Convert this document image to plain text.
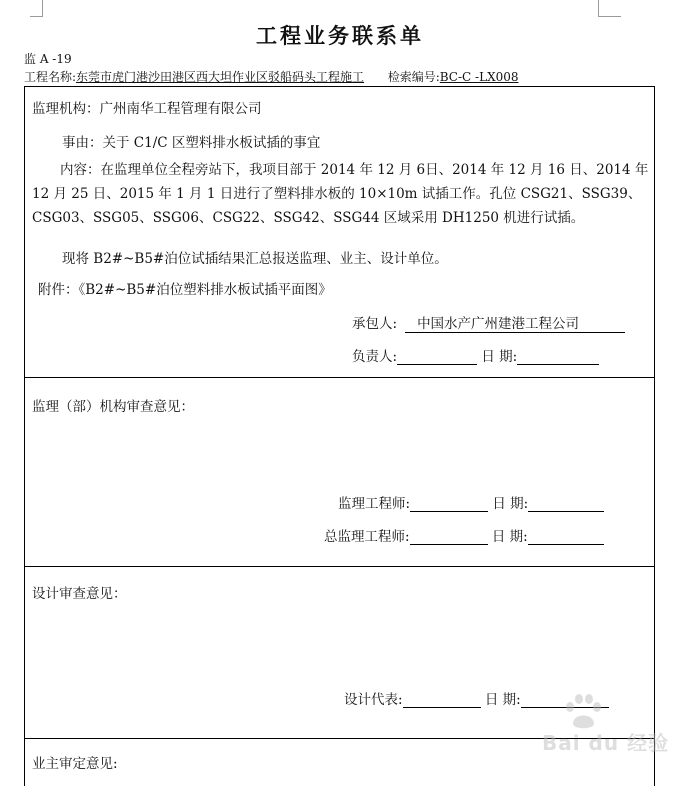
工程业务联系单
监 A -19
工程名称:东莞市虎门港沙田港区西大坦作业区驳船码头工程施工 检索编号:BC-C -LX008
监理机构：广州南华工程管理有限公司
事由：关于 C1/C 区塑料排水板试插的事宜
内容：在监理单位全程旁站下，我项目部于 2014 年 12 月 6日、2014 年 12 月 16 日、2014 年 12 月 25 日、2015 年 1 月 1 日进行了塑料排水板的 10×10m 试插工作。孔位 CSG21、SSG39、CSG03、SSG05、SSG06、CSG22、SSG42、SSG44 区域采用 DH1250 机进行试插。
现将 B2#~B5#泊位试插结果汇总报送监理、业主、设计单位。
附件：《B2#~B5#泊位塑料排水板试插平面图》
承包人: 中国水产广州建港工程公司
负责人:	日 期:
监理（部）机构审查意见：
监理工程师:	日 期:
总监理工程师:	日 期:
设计审查意见：
设计代表:	日 期:
业主审定意见:
Bai du 经验
